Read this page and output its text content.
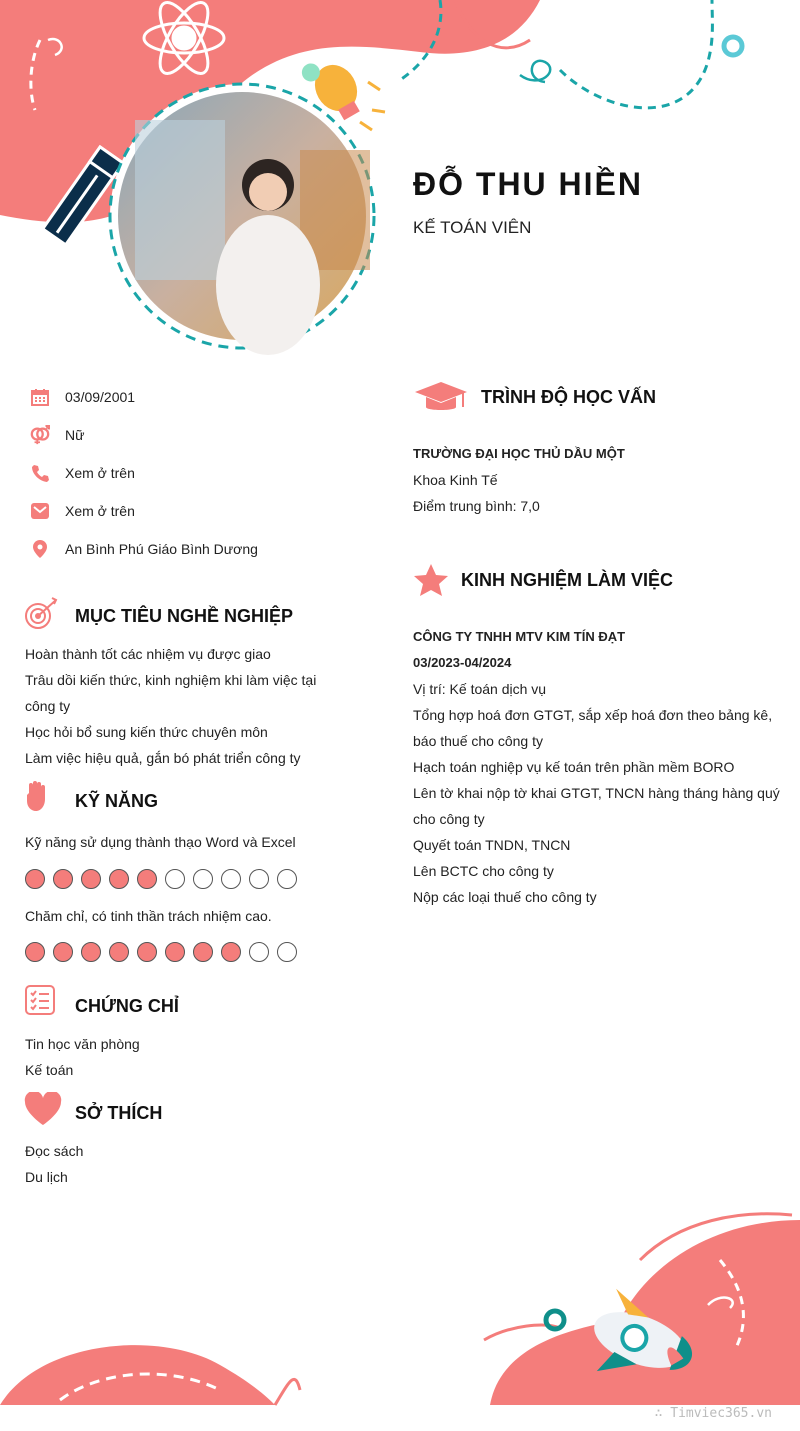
ĐỖ THU HIỀN
KẾ TOÁN VIÊN
03/09/2001
Nữ
Xem ở trên
Xem ở trên
An Bình Phú Giáo Bình Dương
MỤC TIÊU NGHỀ NGHIỆP
Hoàn thành tốt các nhiệm vụ được giao
Trâu dồi kiến thức, kinh nghiệm khi làm việc tại
công ty
Học hỏi bổ sung kiến thức chuyên môn
Làm việc hiệu quả, gắn bó phát triển công ty
KỸ NĂNG
Kỹ năng sử dụng thành thạo Word và Excel
Chăm chỉ, có tinh thần trách nhiệm cao.
CHỨNG CHỈ
Tin học văn phòng
Kế toán
SỞ THÍCH
Đọc sách
Du lịch
TRÌNH ĐỘ HỌC VẤN
TRƯỜNG ĐẠI HỌC THỦ DẦU MỘT
Khoa Kinh Tế
Điểm trung bình: 7,0
KINH NGHIỆM LÀM VIỆC
CÔNG TY TNHH MTV KIM TÍN ĐẠT
03/2023-04/2024
Vị trí: Kế toán dịch vụ
Tổng hợp hoá đơn GTGT, sắp xếp hoá đơn theo bảng kê,
báo thuế cho công ty
Hạch toán nghiệp vụ kế toán trên phần mềm BORO
Lên tờ khai nộp tờ khai GTGT, TNCN hàng tháng hàng quý
cho công ty
Quyết toán TNDN, TNCN
Lên BCTC cho công ty
Nộp các loại thuế cho công ty
∴ Timviec365.vn
